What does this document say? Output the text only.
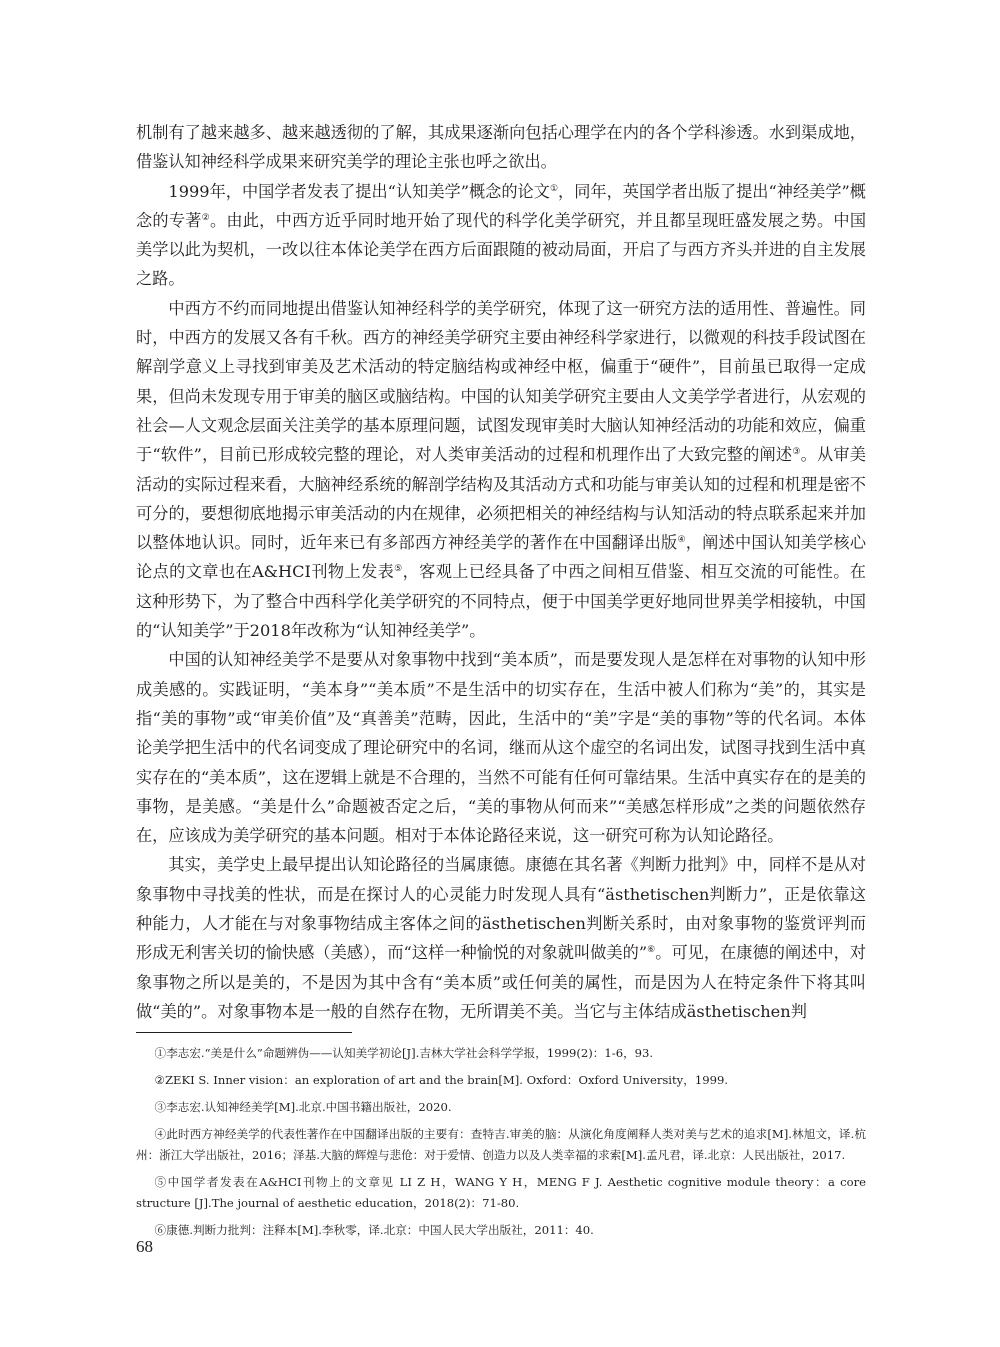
机制有了越来越多、越来越透彻的了解，其成果逐渐向包括心理学在内的各个学科渗透。水到渠成地，借鉴认知神经科学成果来研究美学的理论主张也呼之欲出。

1999年，中国学者发表了提出“认知美学”概念的论文①，同年，英国学者出版了提出“神经美学”概念的专著②。由此，中西方近乎同时地开始了现代的科学化美学研究，并且都呈现旺盛发展之势。中国美学以此为契机，一改以往本体论美学在西方后面跟随的被动局面，开启了与西方齐头并进的自主发展之路。

中西方不约而同地提出借鉴认知神经科学的美学研究，体现了这一研究方法的适用性、普遍性。同时，中西方的发展又各有千秋。西方的神经美学研究主要由神经科学家进行，以微观的科技手段试图在解剖学意义上寻找到审美及艺术活动的特定脑结构或神经中枢，偏重于“硬件”，目前虽已取得一定成果，但尚未发现专用于审美的脑区或脑结构。中国的认知美学研究主要由人文美学学者进行，从宏观的社会—人文观念层面关注美学的基本原理问题，试图发现审美时大脑认知神经活动的功能和效应，偏重于“软件”，目前已形成较完整的理论，对人类审美活动的过程和机理作出了大致完整的阐述③。从审美活动的实际过程来看，大脑神经系统的解剖学结构及其活动方式和功能与审美认知的过程和机理是密不可分的，要想彻底地揭示审美活动的内在规律，必须把相关的神经结构与认知活动的特点联系起来并加以整体地认识。同时，近年来已有多部西方神经美学的著作在中国翻译出版④，阐述中国认知美学核心论点的文章也在A&HCI刊物上发表⑤，客观上已经具备了中西之间相互借鉴、相互交流的可能性。在这种形势下，为了整合中西科学化美学研究的不同特点，便于中国美学更好地同世界美学相接轨，中国的“认知美学”于2018年改称为“认知神经美学”。

中国的认知神经美学不是要从对象事物中找到“美本质”，而是要发现人是怎样在对事物的认知中形成美感的。实践证明，“美本身”“美本质”不是生活中的切实存在，生活中被人们称为“美”的，其实是指“美的事物”或“审美价值”及“真善美”范畴，因此，生活中的“美”字是“美的事物”等的代名词。本体论美学把生活中的代名词变成了理论研究中的名词，继而从这个虚空的名词出发，试图寻找到生活中真实存在的“美本质”，这在逻辑上就是不合理的，当然不可能有任何可靠结果。生活中真实存在的是美的事物，是美感。“美是什么”命题被否定之后，“美的事物从何而来”“美感怎样形成”之类的问题依然存在，应该成为美学研究的基本问题。相对于本体论路径来说，这一研究可称为认知论路径。

其实，美学史上最早提出认知论路径的当属康德。康德在其名著《判断力批判》中，同样不是从对象事物中寻找美的性状，而是在探讨人的心灵能力时发现人具有“ästhetischen判断力”，正是依靠这种能力，人才能在与对象事物结成主客体之间的ästhetischen判断关系时，由对象事物的鉴赏评判而形成无利害关切的愉快感（美感），而“这样一种愉悦的对象就叫做美的”⑥。可见，在康德的阐述中，对象事物之所以是美的，不是因为其中含有“美本质”或任何美的属性，而是因为人在特定条件下将其叫做“美的”。对象事物本是一般的自然存在物，无所谓美不美。当它与主体结成ästhetischen判

①李志宏.“美是什么”命题辨伪——认知美学初论[J].吉林大学社会科学学报，1999(2)：1-6，93.

②ZEKI S. Inner vision：an exploration of art and the brain[M]. Oxford：Oxford University，1999.

③李志宏.认知神经美学[M].北京.中国书籍出版社，2020.

④此时西方神经美学的代表性著作在中国翻译出版的主要有：查特吉.审美的脑：从演化角度阐释人类对美与艺术的追求[M].林旭文，译.杭州：浙江大学出版社，2016；泽基.大脑的辉煌与悲伧：对于爱情、创造力以及人类幸福的求索[M].孟凡君，译.北京：人民出版社，2017.

⑤中国学者发表在A&HCI刊物上的文章见 LI Z H，WANG Y H，MENG F J. Aesthetic cognitive module theory：a core structure [J].The journal of aesthetic education，2018(2)：71-80.

⑥康德.判断力批判：注释本[M].李秋零，译.北京：中国人民大学出版社，2011：40.

68
